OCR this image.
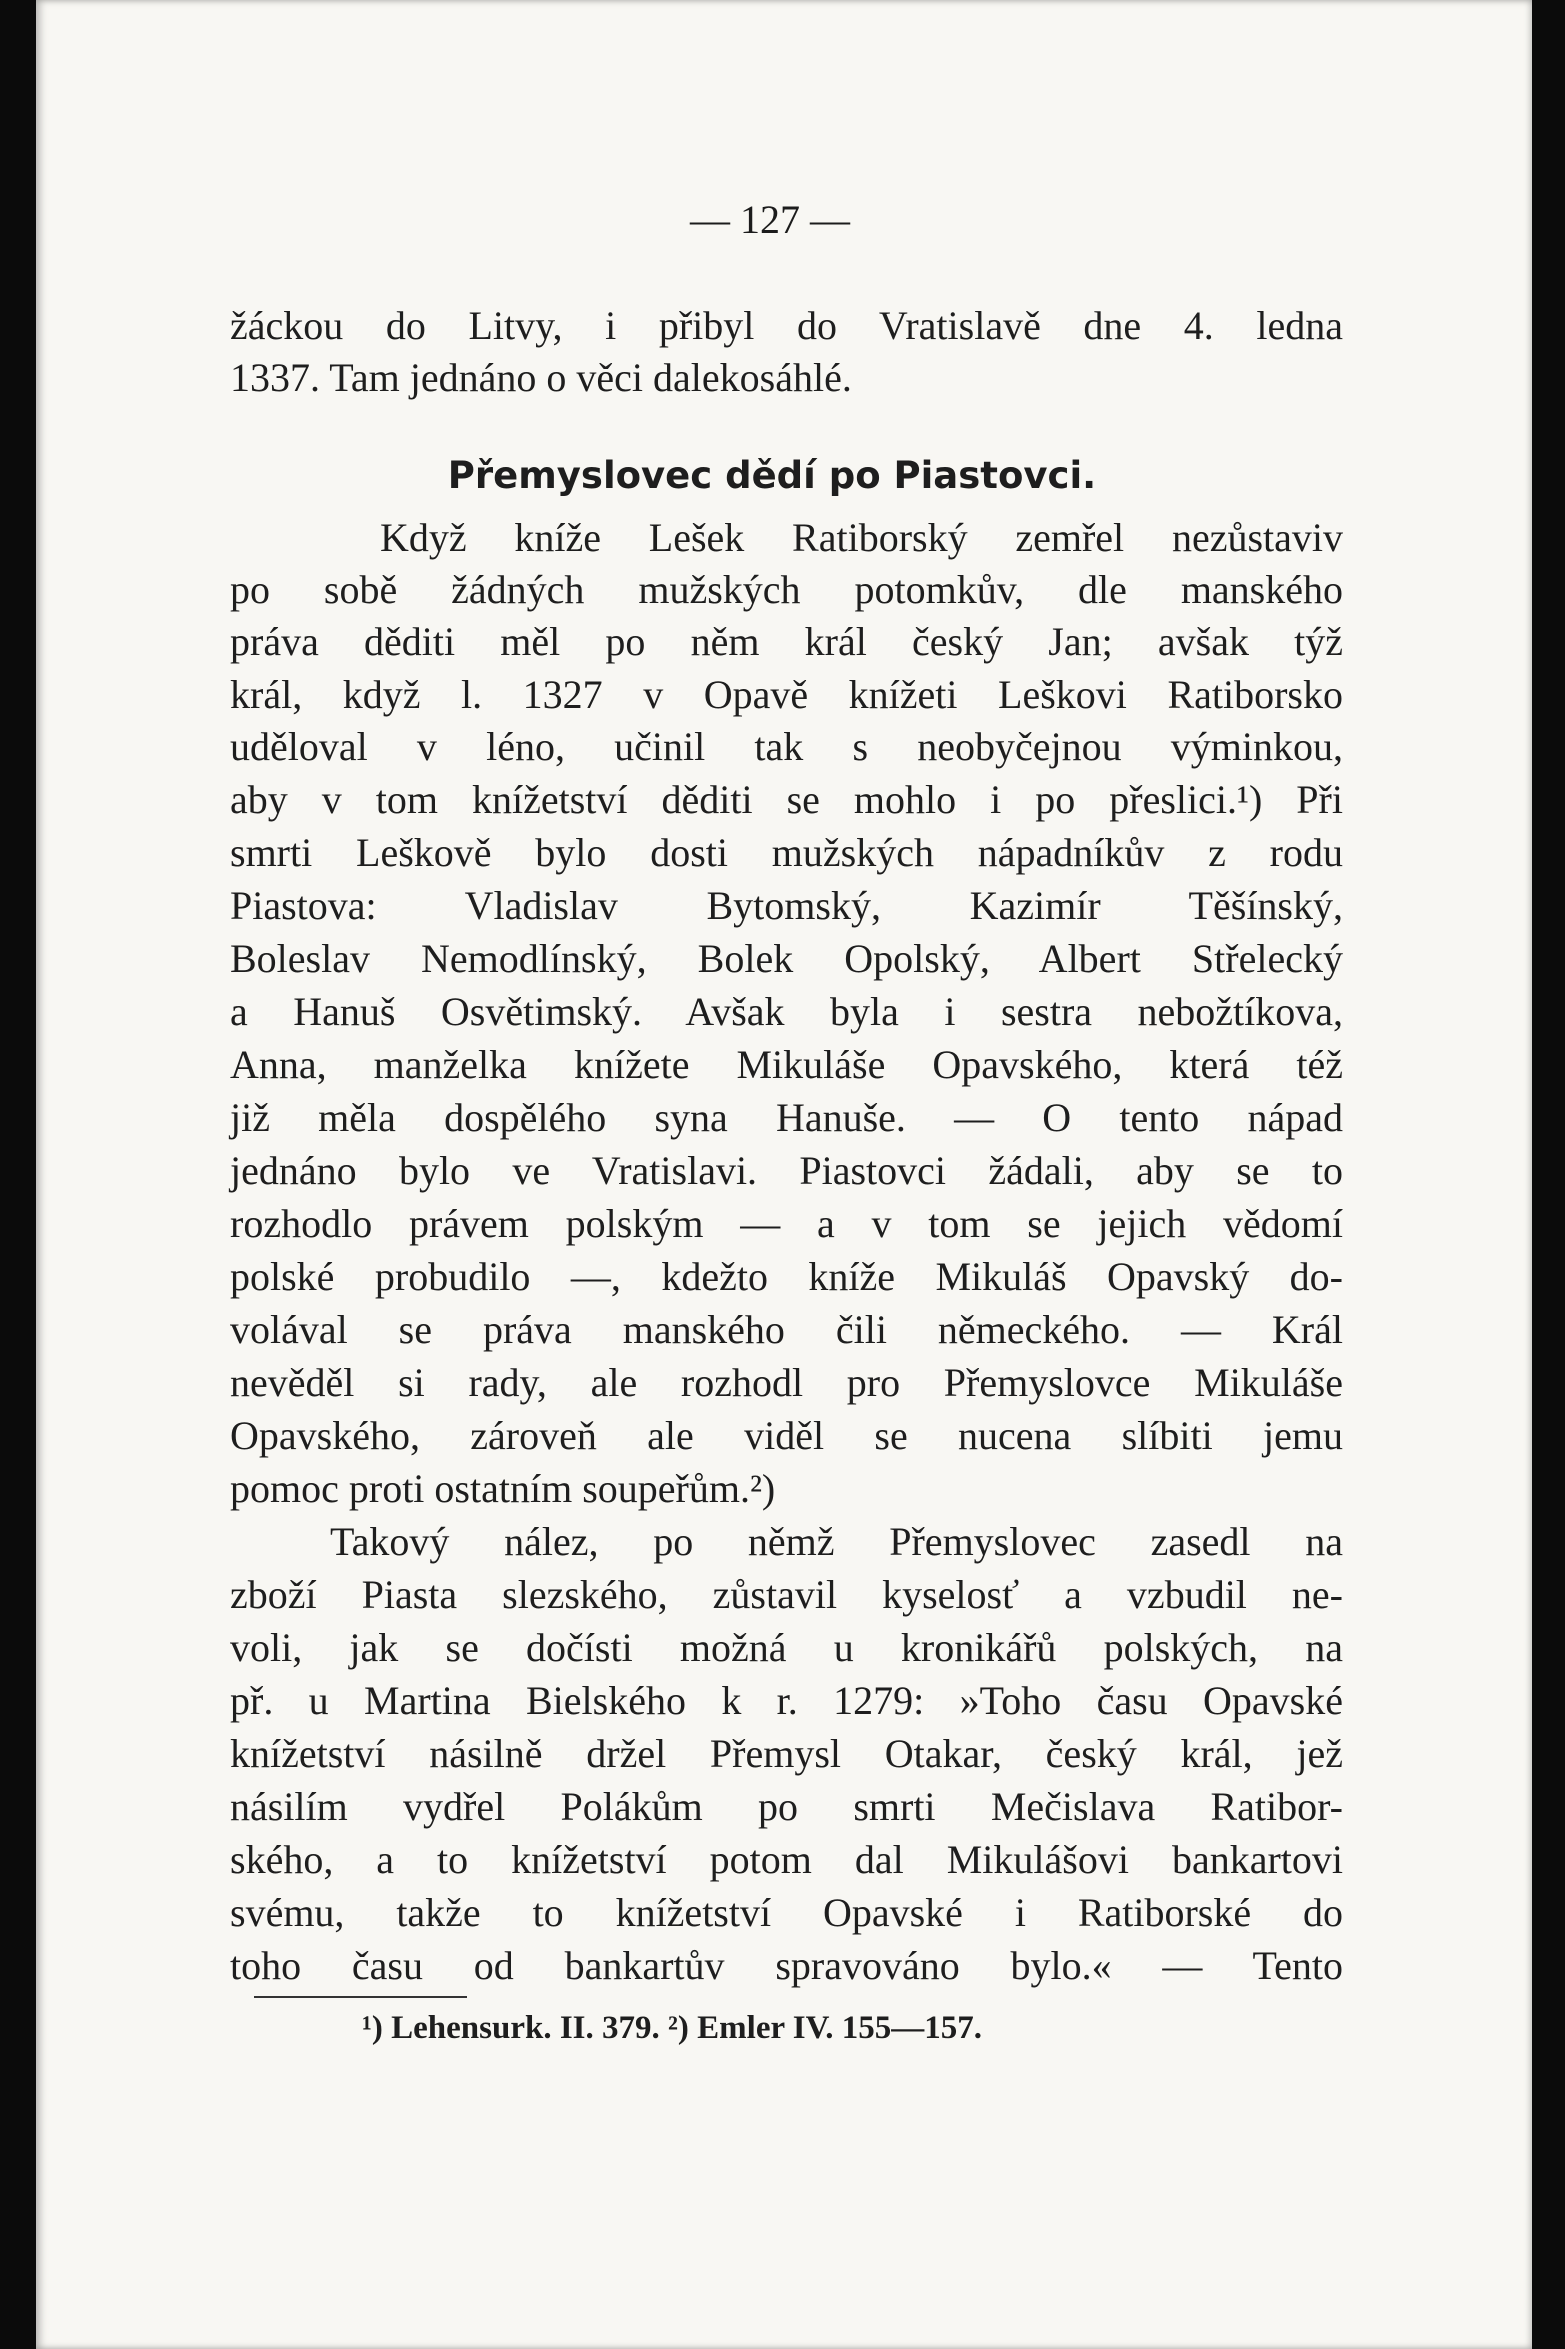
— 127 —
žáckou do Litvy, i přibyl do Vratislavě dne 4. ledna
1337. Tam jednáno o věci dalekosáhlé.
Přemyslovec dědí po Piastovci.
Když kníže Lešek Ratiborský zemřel nezůstaviv
po sobě žádných mužských potomkův, dle manského
práva děditi měl po něm král český Jan; avšak týž
král, když l. 1327 v Opavě knížeti Leškovi Ratiborsko
uděloval v léno, učinil tak s neobyčejnou výminkou,
aby v tom knížetství děditi se mohlo i po přeslici.¹) Při
smrti Leškově bylo dosti mužských nápadníkův z rodu
Piastova: Vladislav Bytomský, Kazimír Těšínský,
Boleslav Nemodlínský, Bolek Opolský, Albert Střelecký
a Hanuš Osvětimský. Avšak byla i sestra nebožtíkova,
Anna, manželka knížete Mikuláše Opavského, která též
již měla dospělého syna Hanuše. — O tento nápad
jednáno bylo ve Vratislavi. Piastovci žádali, aby se to
rozhodlo právem polským — a v tom se jejich vědomí
polské probudilo —, kdežto kníže Mikuláš Opavský do-
volával se práva manského čili německého. — Král
nevěděl si rady, ale rozhodl pro Přemyslovce Mikuláše
Opavského, zároveň ale viděl se nucena slíbiti jemu
pomoc proti ostatním soupeřům.²)
Takový nález, po němž Přemyslovec zasedl na
zboží Piasta slezského, zůstavil kyselosť a vzbudil ne-
voli, jak se dočísti možná u kronikářů polských, na
př. u Martina Bielského k r. 1279: »Toho času Opavské
knížetství násilně držel Přemysl Otakar, český král, jež
násilím vydřel Polákům po smrti Mečislava Ratibor-
ského, a to knížetství potom dal Mikulášovi bankartovi
svému, takže to knížetství Opavské i Ratiborské do
toho času od bankartův spravováno bylo.« — Tento
¹) Lehensurk. II. 379. ²) Emler IV. 155—157.
